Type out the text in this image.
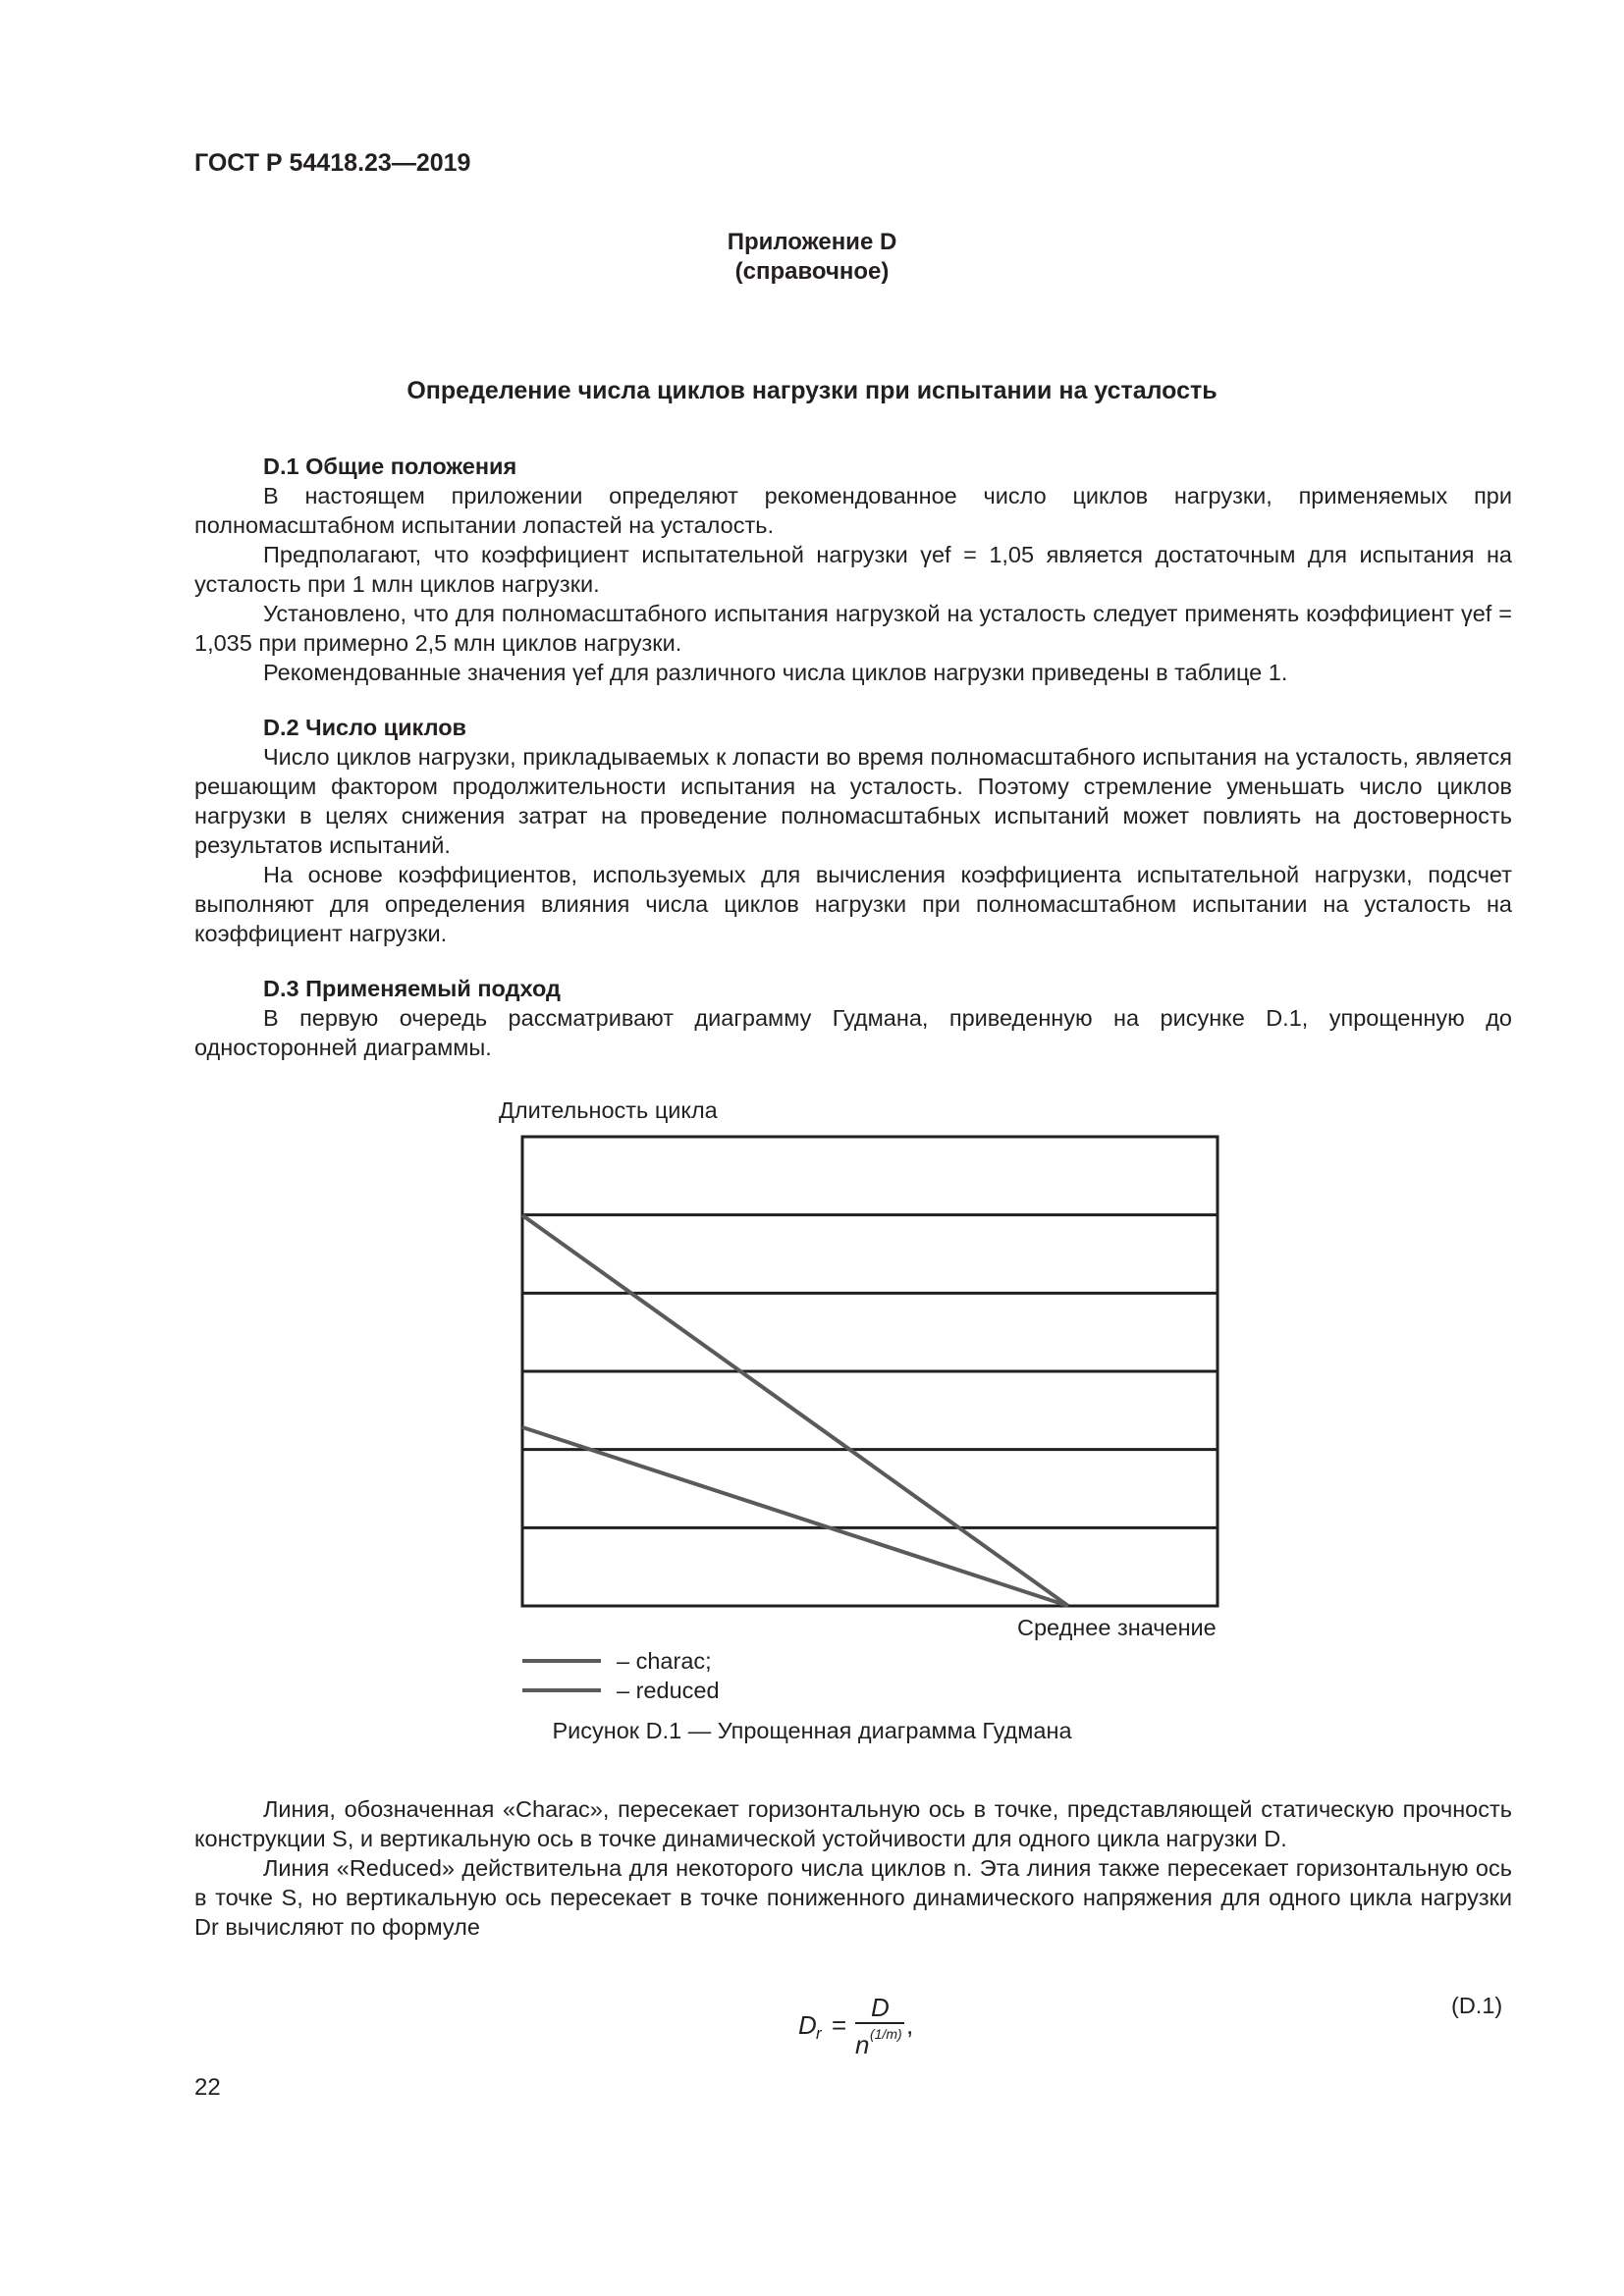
ГОСТ Р 54418.23—2019
Приложение D
(справочное)
Определение числа циклов нагрузки при испытании на усталость
D.1 Общие положения
В настоящем приложении определяют рекомендованное число циклов нагрузки, применяемых при полномасштабном испытании лопастей на усталость.
Предполагают, что коэффициент испытательной нагрузки γef = 1,05 является достаточным для испытания на усталость при 1 млн циклов нагрузки.
Установлено, что для полномасштабного испытания нагрузкой на усталость следует применять коэффициент γef = 1,035 при примерно 2,5 млн циклов нагрузки.
Рекомендованные значения γef для различного числа циклов нагрузки приведены в таблице 1.
D.2 Число циклов
Число циклов нагрузки, прикладываемых к лопасти во время полномасштабного испытания на усталость, является решающим фактором продолжительности испытания на усталость. Поэтому стремление уменьшать число циклов нагрузки в целях снижения затрат на проведение полномасштабных испытаний может повлиять на достоверность результатов испытаний.
На основе коэффициентов, используемых для вычисления коэффициента испытательной нагрузки, подсчет выполняют для определения влияния числа циклов нагрузки при полномасштабном испытании на усталость на коэффициент нагрузки.
D.3 Применяемый подход
В первую очередь рассматривают диаграмму Гудмана, приведенную на рисунке D.1, упрощенную до односторонней диаграммы.
Длительность цикла
Среднее значение
– charac;
– reduced
Рисунок D.1 — Упрощенная диаграмма Гудмана
Линия, обозначенная «Charac», пересекает горизонтальную ось в точке, представляющей статическую прочность конструкции S, и вертикальную ось в точке динамической устойчивости для одного цикла нагрузки D.
Линия «Reduced» действительна для некоторого числа циклов n. Эта линия также пересекает горизонтальную ось в точке S, но вертикальную ось пересекает в точке пониженного динамического напряжения для одного цикла нагрузки Dr вычисляют по формуле
D r =
D
n (1/m) ,
(D.1)
22
